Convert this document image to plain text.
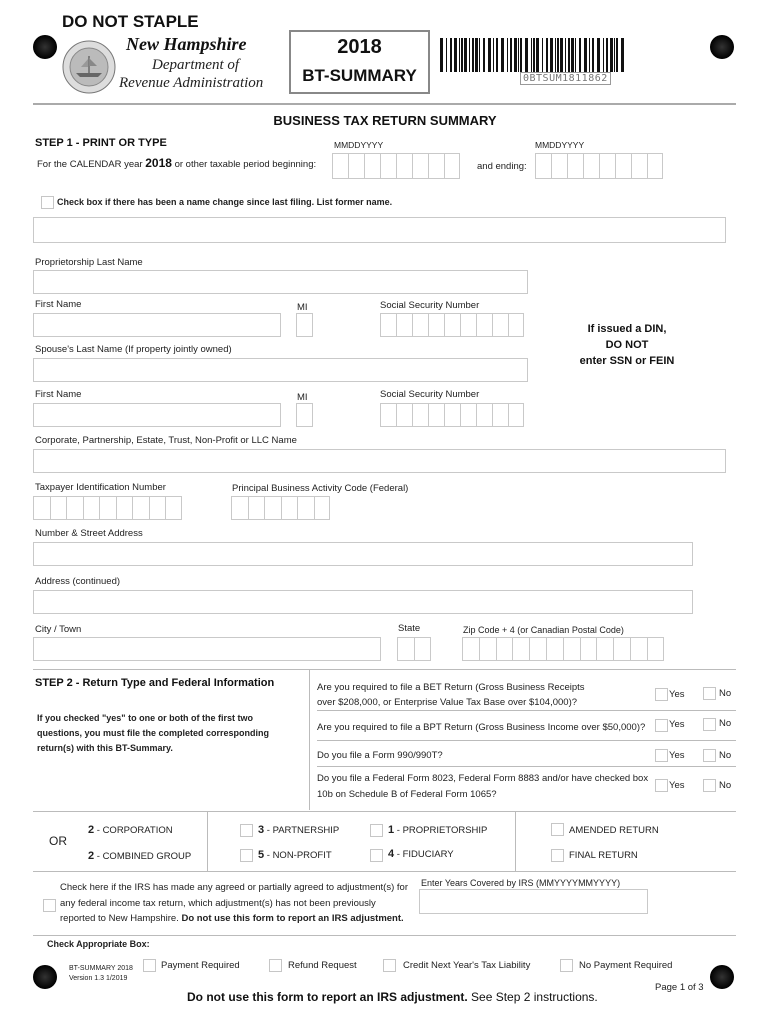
DO NOT STAPLE
New Hampshire
Department of
Revenue Administration
2018
BT-SUMMARY	0BTSUM1811862
BUSINESS TAX RETURN SUMMARY
STEP 1 - PRINT OR TYPE	MMDDYYYY	MMDDYYYY
For the CALENDAR year 2018 or other taxable period beginning:	and ending:
Check box if there has been a name change since last filing. List former name.
Proprietorship Last Name
First Name	MI	Social Security Number
If issued a DIN,
DO NOT
enter SSN or FEIN
Spouse's Last Name (If property jointly owned)
First Name	MI	Social Security Number
Corporate, Partnership, Estate, Trust, Non-Profit or LLC Name
Taxpayer Identification Number	Principal Business Activity Code (Federal)
Number & Street Address
Address (continued)
City / Town	State	Zip Code + 4 (or Canadian Postal Code)
STEP 2 - Return Type and Federal Information
If you checked "yes" to one or both of the first two
questions, you must file the completed corresponding
return(s) with this BT-Summary.
Are you required to file a BET Return (Gross Business Receipts
over $208,000, or Enterprise Value Tax Base over $104,000)?
Yes	No
Are you required to file a BPT Return (Gross Business Income over $50,000)? Yes	No
Do you file a Form 990/990T?	Yes	No
Do you file a Federal Form 8023, Federal Form 8883 and/or have checked box
10b on Schedule B of Federal Form 1065?
Yes	No
OR
2 - CORPORATION
2 - COMBINED GROUP
3 - PARTNERSHIP
5 - NON-PROFIT
1 - PROPRIETORSHIP
4 - FIDUCIARY
AMENDED RETURN
FINAL RETURN
Check here if the IRS has made any agreed or partially agreed to adjustment(s) for
any federal income tax return, which adjustment(s) has not been previously
reported to New Hampshire. Do not use this form to report an IRS adjustment.
Enter Years Covered by IRS (MMYYYYMMYYYY)
Check Appropriate Box:
BT-SUMMARY 2018
Version 1.3 1/2019
Payment Required	Refund Request	Credit Next Year's Tax Liability	No Payment Required
Page 1 of 3
Do not use this form to report an IRS adjustment. See Step 2 instructions.
